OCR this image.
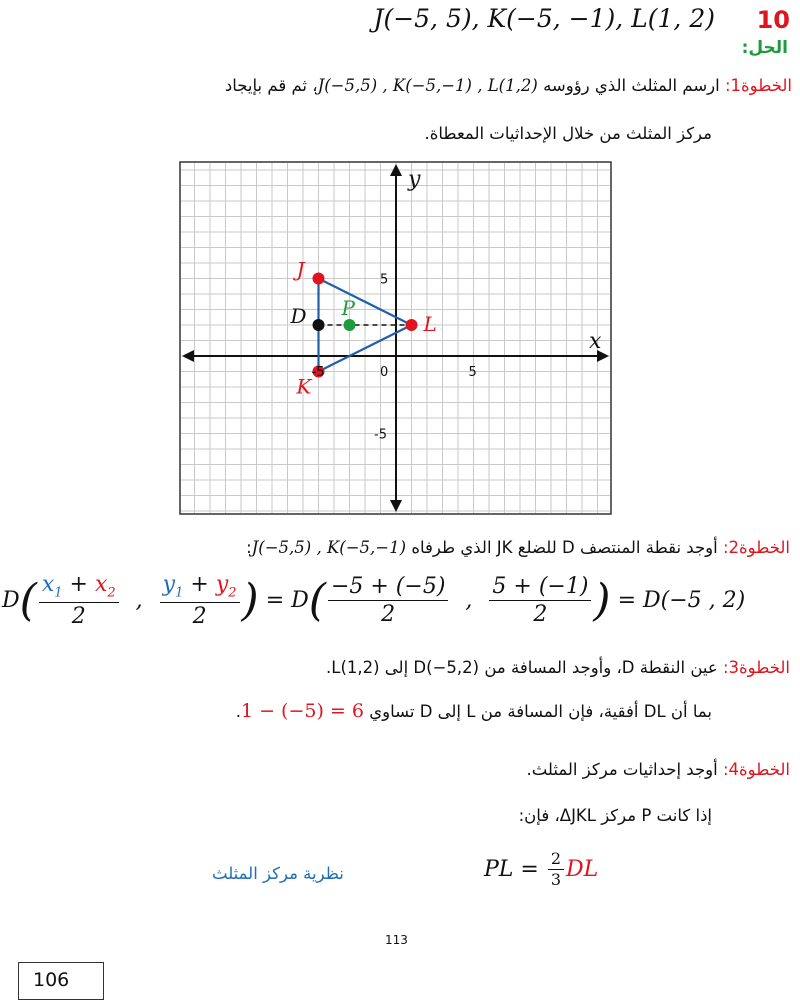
J(−5, 5), K(−5, −1), L(1, 2) 10
الحل:
الخطوة1: ارسم المثلث الذي رؤوسه J(−5,5) , K(−5,−1) , L(1,2)، ثم قم بإيجاد
مركز المثلث من خلال الإحداثيات المعطاة.
y
x
0	5
-5
5
-5
J
K
L
D P
الخطوة2: أوجد نقطة المنتصف D للضلع JK الذي طرفاه J(−5,5) , K(−5,−1):
$D( \frac{x_1 + x_2}{2}$ , $\frac{y_1 + y_2}{2}$ ) = $D( \frac{-5 + (-5)}{2}$ , $\frac{5 + (-1)}{2}$ ) = D(−5 , 2)
الخطوة3: عين النقطة D، وأوجد المسافة من D(−5,2) إلى L(1,2).
بما أن DL أفقية، فإن المسافة من L إلى D تساوي 1 − (−5) = 6.
الخطوة4: أوجد إحداثيات مركز المثلث.
إذا كانت P مركز ΔJKL، فإن:
PL = $\frac{2}{3}$ DL
نظرية مركز المثلث
113
106
